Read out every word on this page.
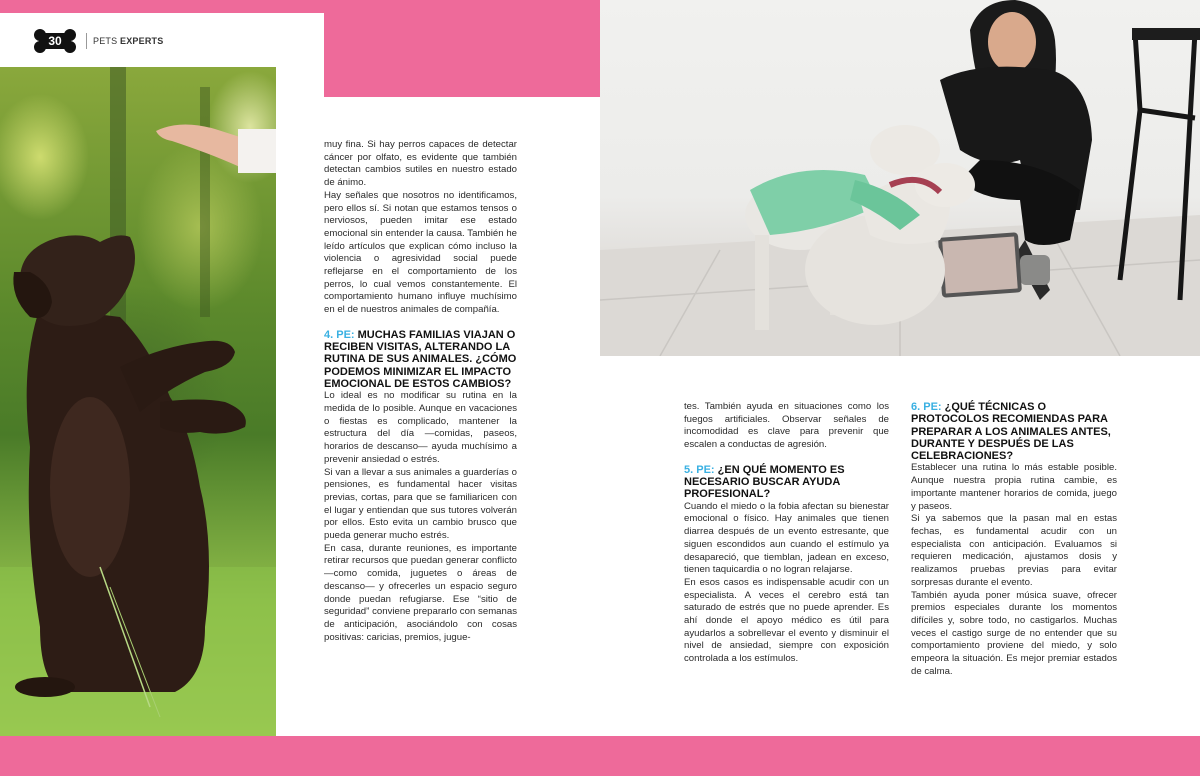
30	PETS EXPERTS

muy fina. Si hay perros capaces de detectar cáncer por olfato, es evidente que también detectan cambios sutiles en nuestro estado de ánimo.

Hay señales que nosotros no identificamos, pero ellos sí. Si notan que estamos tensos o nerviosos, pueden imitar ese estado emocional sin entender la causa. También he leído artículos que explican cómo incluso la violencia o agresividad social puede reflejarse en el comportamiento de los perros, lo cual vemos constantemente. El comportamiento humano influye muchísimo en el de nuestros animales de compañía.

4. PE: MUCHAS FAMILIAS VIAJAN O RECIBEN VISITAS, ALTERANDO LA RUTINA DE SUS ANIMALES. ¿CÓMO PODEMOS MINIMIZAR EL IMPACTO EMOCIONAL DE ESTOS CAMBIOS?

Lo ideal es no modificar su rutina en la medida de lo posible. Aunque en vacaciones o fiestas es complicado, mantener la estructura del día —comidas, paseos, horarios de descanso— ayuda muchísimo a prevenir ansiedad o estrés.

Si van a llevar a sus animales a guarderías o pensiones, es fundamental hacer visitas previas, cortas, para que se familiaricen con el lugar y entiendan que sus tutores volverán por ellos. Esto evita un cambio brusco que pueda generar mucho estrés.

En casa, durante reuniones, es importante retirar recursos que puedan generar conflicto —como comida, juguetes o áreas de descanso— y ofrecerles un espacio seguro donde puedan refugiarse. Ese “sitio de seguridad” conviene prepararlo con semanas de anticipación, asociándolo con cosas positivas: caricias, premios, jugue-

tes. También ayuda en situaciones como los fuegos artificiales. Observar señales de incomodidad es clave para prevenir que escalen a conductas de agresión.

5. PE: ¿EN QUÉ MOMENTO ES NECESARIO BUSCAR AYUDA PROFESIONAL?

Cuando el miedo o la fobia afectan su bienestar emocional o físico. Hay animales que tienen diarrea después de un evento estresante, que siguen escondidos aun cuando el estímulo ya desapareció, que tiemblan, jadean en exceso, tienen taquicardia o no logran relajarse.

En esos casos es indispensable acudir con un especialista. A veces el cerebro está tan saturado de estrés que no puede aprender. Es ahí donde el apoyo médico es útil para ayudarlos a sobrellevar el evento y disminuir el nivel de ansiedad, siempre con exposición controlada a los estímulos.

6. PE: ¿QUÉ TÉCNICAS O PROTOCOLOS RECOMIENDAS PARA PREPARAR A LOS ANIMALES ANTES, DURANTE Y DESPUÉS DE LAS CELEBRACIONES?

Establecer una rutina lo más estable posible. Aunque nuestra propia rutina cambie, es importante mantener horarios de comida, juego y paseos.

Si ya sabemos que la pasan mal en estas fechas, es fundamental acudir con un especialista con anticipación. Evaluamos si requieren medicación, ajustamos dosis y realizamos pruebas previas para evitar sorpresas durante el evento.

También ayuda poner música suave, ofrecer premios especiales durante los momentos difíciles y, sobre todo, no castigarlos. Muchas veces el castigo surge de no entender que su comportamiento proviene del miedo, y solo empeora la situación. Es mejor premiar estados de calma.
